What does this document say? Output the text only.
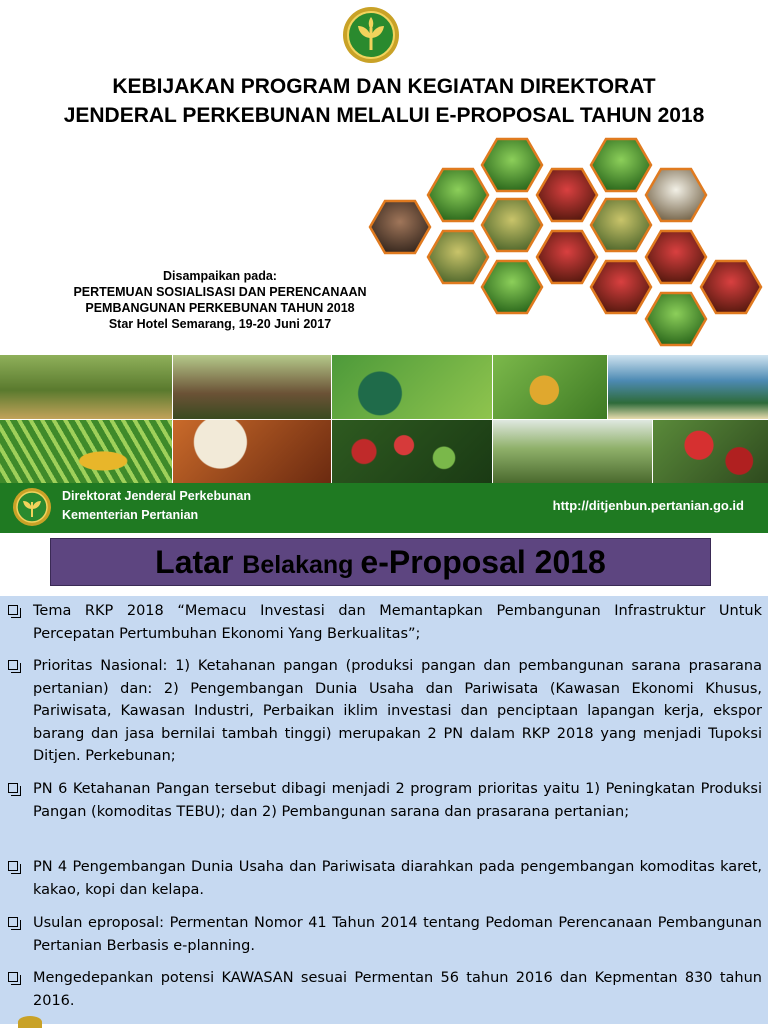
KEBIJAKAN PROGRAM DAN KEGIATAN DIREKTORAT
JENDERAL PERKEBUNAN MELALUI E-PROPOSAL TAHUN 2018
Disampaikan pada:
PERTEMUAN SOSIALISASI DAN PERENCANAAN
PEMBANGUNAN PERKEBUNAN TAHUN 2018
Star Hotel Semarang, 19-20 Juni 2017
Direktorat Jenderal Perkebunan
Kementerian Pertanian
http://ditjenbun.pertanian.go.id
Latar Belakang e-Proposal 2018
Tema RKP 2018 “Memacu Investasi dan Memantapkan Pembangunan Infrastruktur Untuk Percepatan Pertumbuhan Ekonomi Yang Berkualitas”;
Prioritas Nasional: 1) Ketahanan pangan (produksi pangan dan pembangunan sarana prasarana pertanian) dan: 2) Pengembangan Dunia Usaha dan Pariwisata (Kawasan Ekonomi Khusus, Pariwisata, Kawasan Industri, Perbaikan iklim investasi dan penciptaan lapangan kerja, ekspor barang dan jasa bernilai tambah tinggi) merupakan 2 PN dalam RKP 2018 yang menjadi Tupoksi Ditjen. Perkebunan;
PN 6 Ketahanan Pangan tersebut dibagi menjadi 2 program prioritas yaitu 1) Peningkatan Produksi Pangan (komoditas TEBU); dan 2) Pembangunan sarana dan prasarana pertanian;
PN 4 Pengembangan Dunia Usaha dan Pariwisata diarahkan pada pengembangan komoditas karet, kakao, kopi dan kelapa.
Usulan eproposal: Permentan Nomor 41 Tahun 2014 tentang Pedoman Perencanaan Pembangunan Pertanian Berbasis e-planning.
Mengedepankan potensi KAWASAN sesuai Permentan 56 tahun 2016 dan Kepmentan 830 tahun 2016.
